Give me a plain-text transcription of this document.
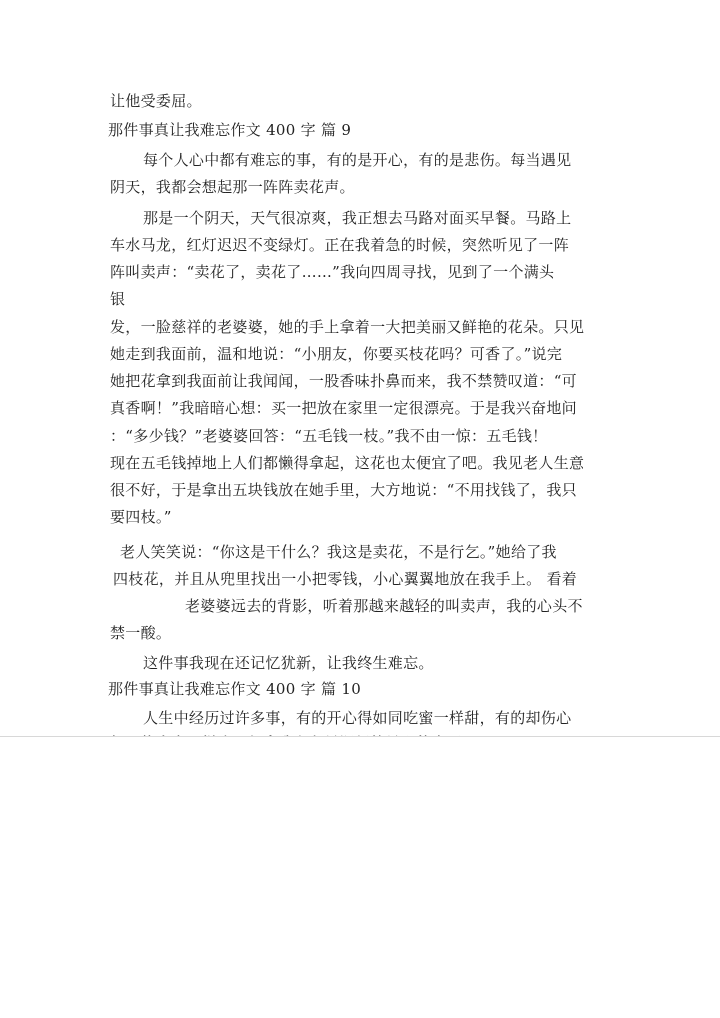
让他受委屈。
那件事真让我难忘作文 400 字 篇 9
每个人心中都有难忘的事，有的是开心，有的是悲伤。每当遇见
阴天，我都会想起那一阵阵卖花声。
那是一个阴天，天气很凉爽，我正想去马路对面买早餐。马路上
车水马龙，红灯迟迟不变绿灯。正在我着急的时候，突然听见了一阵
阵叫卖声：“卖花了，卖花了……”我向四周寻找，见到了一个满头
银
发，一脸慈祥的老婆婆，她的手上拿着一大把美丽又鲜艳的花朵。只见
她走到我面前，温和地说：“小朋友，你要买枝花吗？可香了。”说完
她把花拿到我面前让我闻闻，一股香味扑鼻而来，我不禁赞叹道：“可
真香啊！”我暗暗心想：买一把放在家里一定很漂亮。于是我兴奋地问
：“多少钱？”老婆婆回答：“五毛钱一枝。”我不由一惊：五毛钱！
现在五毛钱掉地上人们都懒得拿起，这花也太便宜了吧。我见老人生意
很不好，于是拿出五块钱放在她手里，大方地说：“不用找钱了，我只
要四枝。”
老人笑笑说：“你这是干什么？我这是卖花，不是行乞。”她给了我
四枝花，并且从兜里找出一小把零钱，小心翼翼地放在我手上。 看着
老婆婆远去的背影，听着那越来越轻的叫卖声，我的心头不
禁一酸。
这件事我现在还记忆犹新，让我终生难忘。
那件事真让我难忘作文 400 字 篇 10
人生中经历过许多事，有的开心得如同吃蜜一样甜，有的却伤心
